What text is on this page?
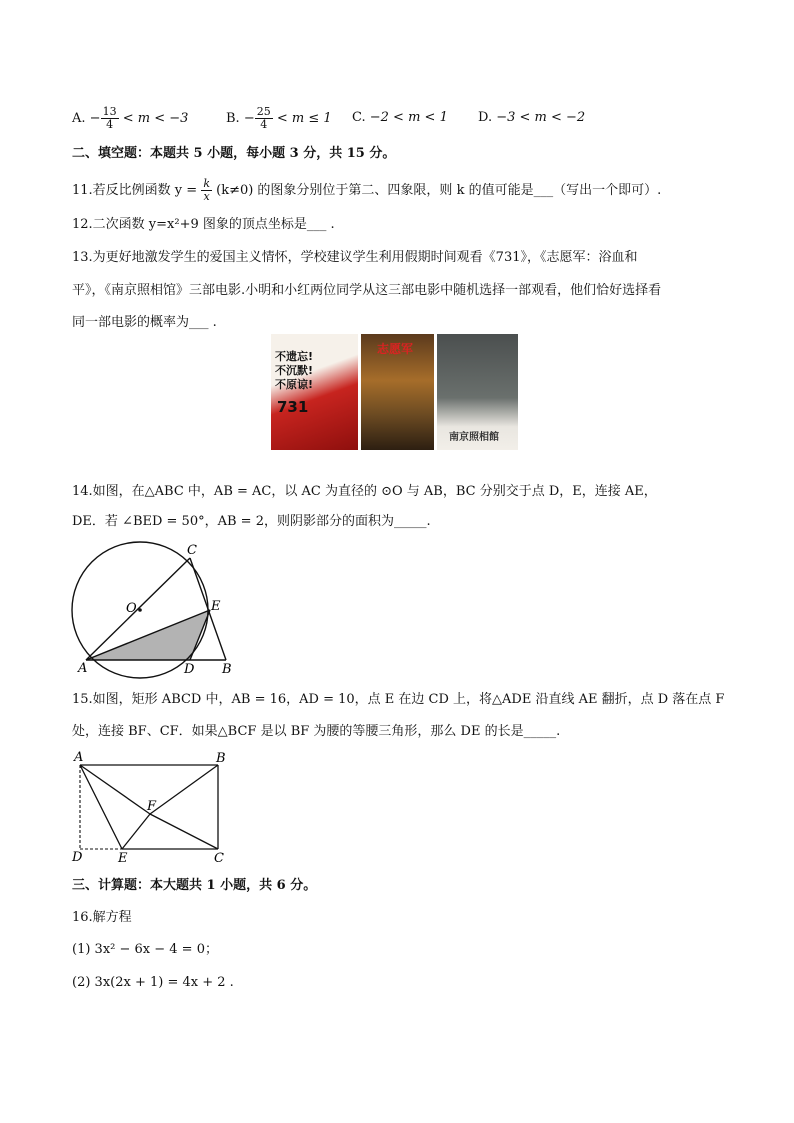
A. − $\frac{13}{4} < m < -3$	B. − $\frac{25}{4} < m \le 1$ C. −2 < m < 1 D. −3 < m < −2
二、填空题：本题共 5 小题，每小题 3 分，共 15 分。
11.若反比例函数 $y = \frac{k}{x} (k\ne 0)$ 的图象分别位于第二、四象限，则 k 的值可能是___（写出一个即可）.
12.二次函数 y=x²+9 图象的顶点坐标是___ .
13.为更好地激发学生的爱国主义情怀，学校建议学生利用假期时间观看《731》，《志愿军：浴血和
平》，《南京照相馆》三部电影.小明和小红两位同学从这三部电影中随机选择一部观看，他们恰好选择看
同一部电影的概率为___ .
不遗忘!
不沉默!
不原谅!
731
志愿军
南京照相館
14.如图，在△ABC 中，AB = AC，以 AC 为直径的 ⊙O 与 AB，BC 分别交于点 D，E，连接 AE，
DE．若 ∠BED = 50°，AB = 2，则阴影部分的面积为_____.
C
O	E
A	D B
15.如图，矩形 ABCD 中，AB = 16，AD = 10，点 E 在边 CD 上，将△ADE 沿直线 AE 翻折，点 D 落在点 F
处，连接 BF、CF．如果△BCF 是以 BF 为腰的等腰三角形，那么 DE 的长是_____.
A	B
F
D	E	C
三、计算题：本大题共 1 小题，共 6 分。
16.解方程
(1) 3x² − 6x − 4 = 0；
(2) 3x(2x + 1) = 4x + 2 .
